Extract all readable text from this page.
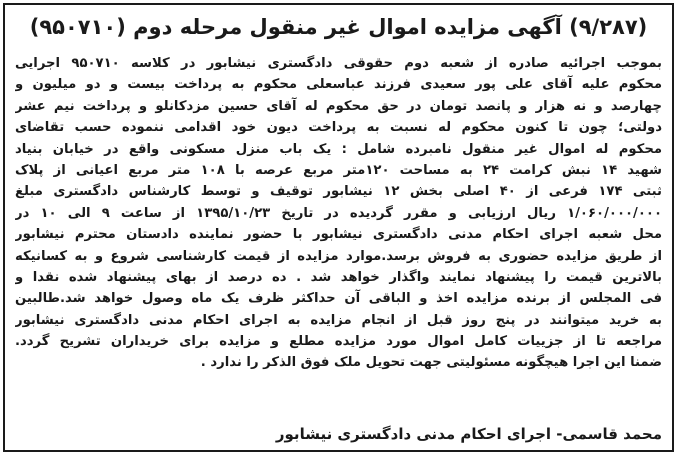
(۹/۲۸۷) آگهی مزایده اموال غیر منقول مرحله دوم (۹۵۰۷۱۰)
بموجب اجرائیه صادره از شعبه دوم حقوقی دادگستری نیشابور در کلاسه ۹۵۰۷۱۰ اجرایی
محکوم علیه آقای علی پور سعیدی فرزند عباسعلی محکوم به پرداخت بیست و دو میلیون و
چهارصد و نه هزار و پانصد تومان در حق محکوم له آقای حسین مزدکانلو و پرداخت نیم عشر
دولتی؛ چون تا کنون محکوم له نسبت به پرداخت دیون خود اقدامی ننموده حسب تقاضای
محکوم له اموال غیر منقول نامبرده شامل : یک باب منزل مسکونی واقع در خیابان بنیاد
شهید ۱۴ نبش کرامت ۲۴ به مساحت ۱۲۰متر مربع عرصه با ۱۰۸ متر مربع اعیانی از پلاک
ثبتی ۱۷۴ فرعی از ۴۰ اصلی بخش ۱۲ نیشابور توقیف و توسط کارشناس دادگستری مبلغ
۱/۰۶۰/۰۰۰/۰۰۰ ریال ارزیابی و مقرر گردیده در تاریخ ۱۳۹۵/۱۰/۲۳ از ساعت ۹ الی ۱۰ در
محل شعبه اجرای احکام مدنی دادگستری نیشابور با حضور نماینده دادستان محترم نیشابور
از طریق مزایده حضوری به فروش برسد.موارد مزایده از قیمت کارشناسی شروع و به کسانیکه
بالاترین قیمت را پیشنهاد نمایند واگذار خواهد شد . ده درصد از بهای پیشنهاد شده نقدا و
فی المجلس از برنده مزایده اخذ و الباقی آن حداکثر ظرف یک ماه وصول خواهد شد.طالبین
به خرید میتوانند در پنج روز قبل از انجام مزایده به اجرای احکام مدنی دادگستری نیشابور
مراجعه تا از جزییات کامل اموال مورد مزایده مطلع و مزایده برای خریداران تشریح گردد.
ضمنا این اجرا هیچگونه مسئولیتی جهت تحویل ملک فوق الذکر را ندارد .
محمد قاسمی- اجرای احکام مدنی دادگستری نیشابور
